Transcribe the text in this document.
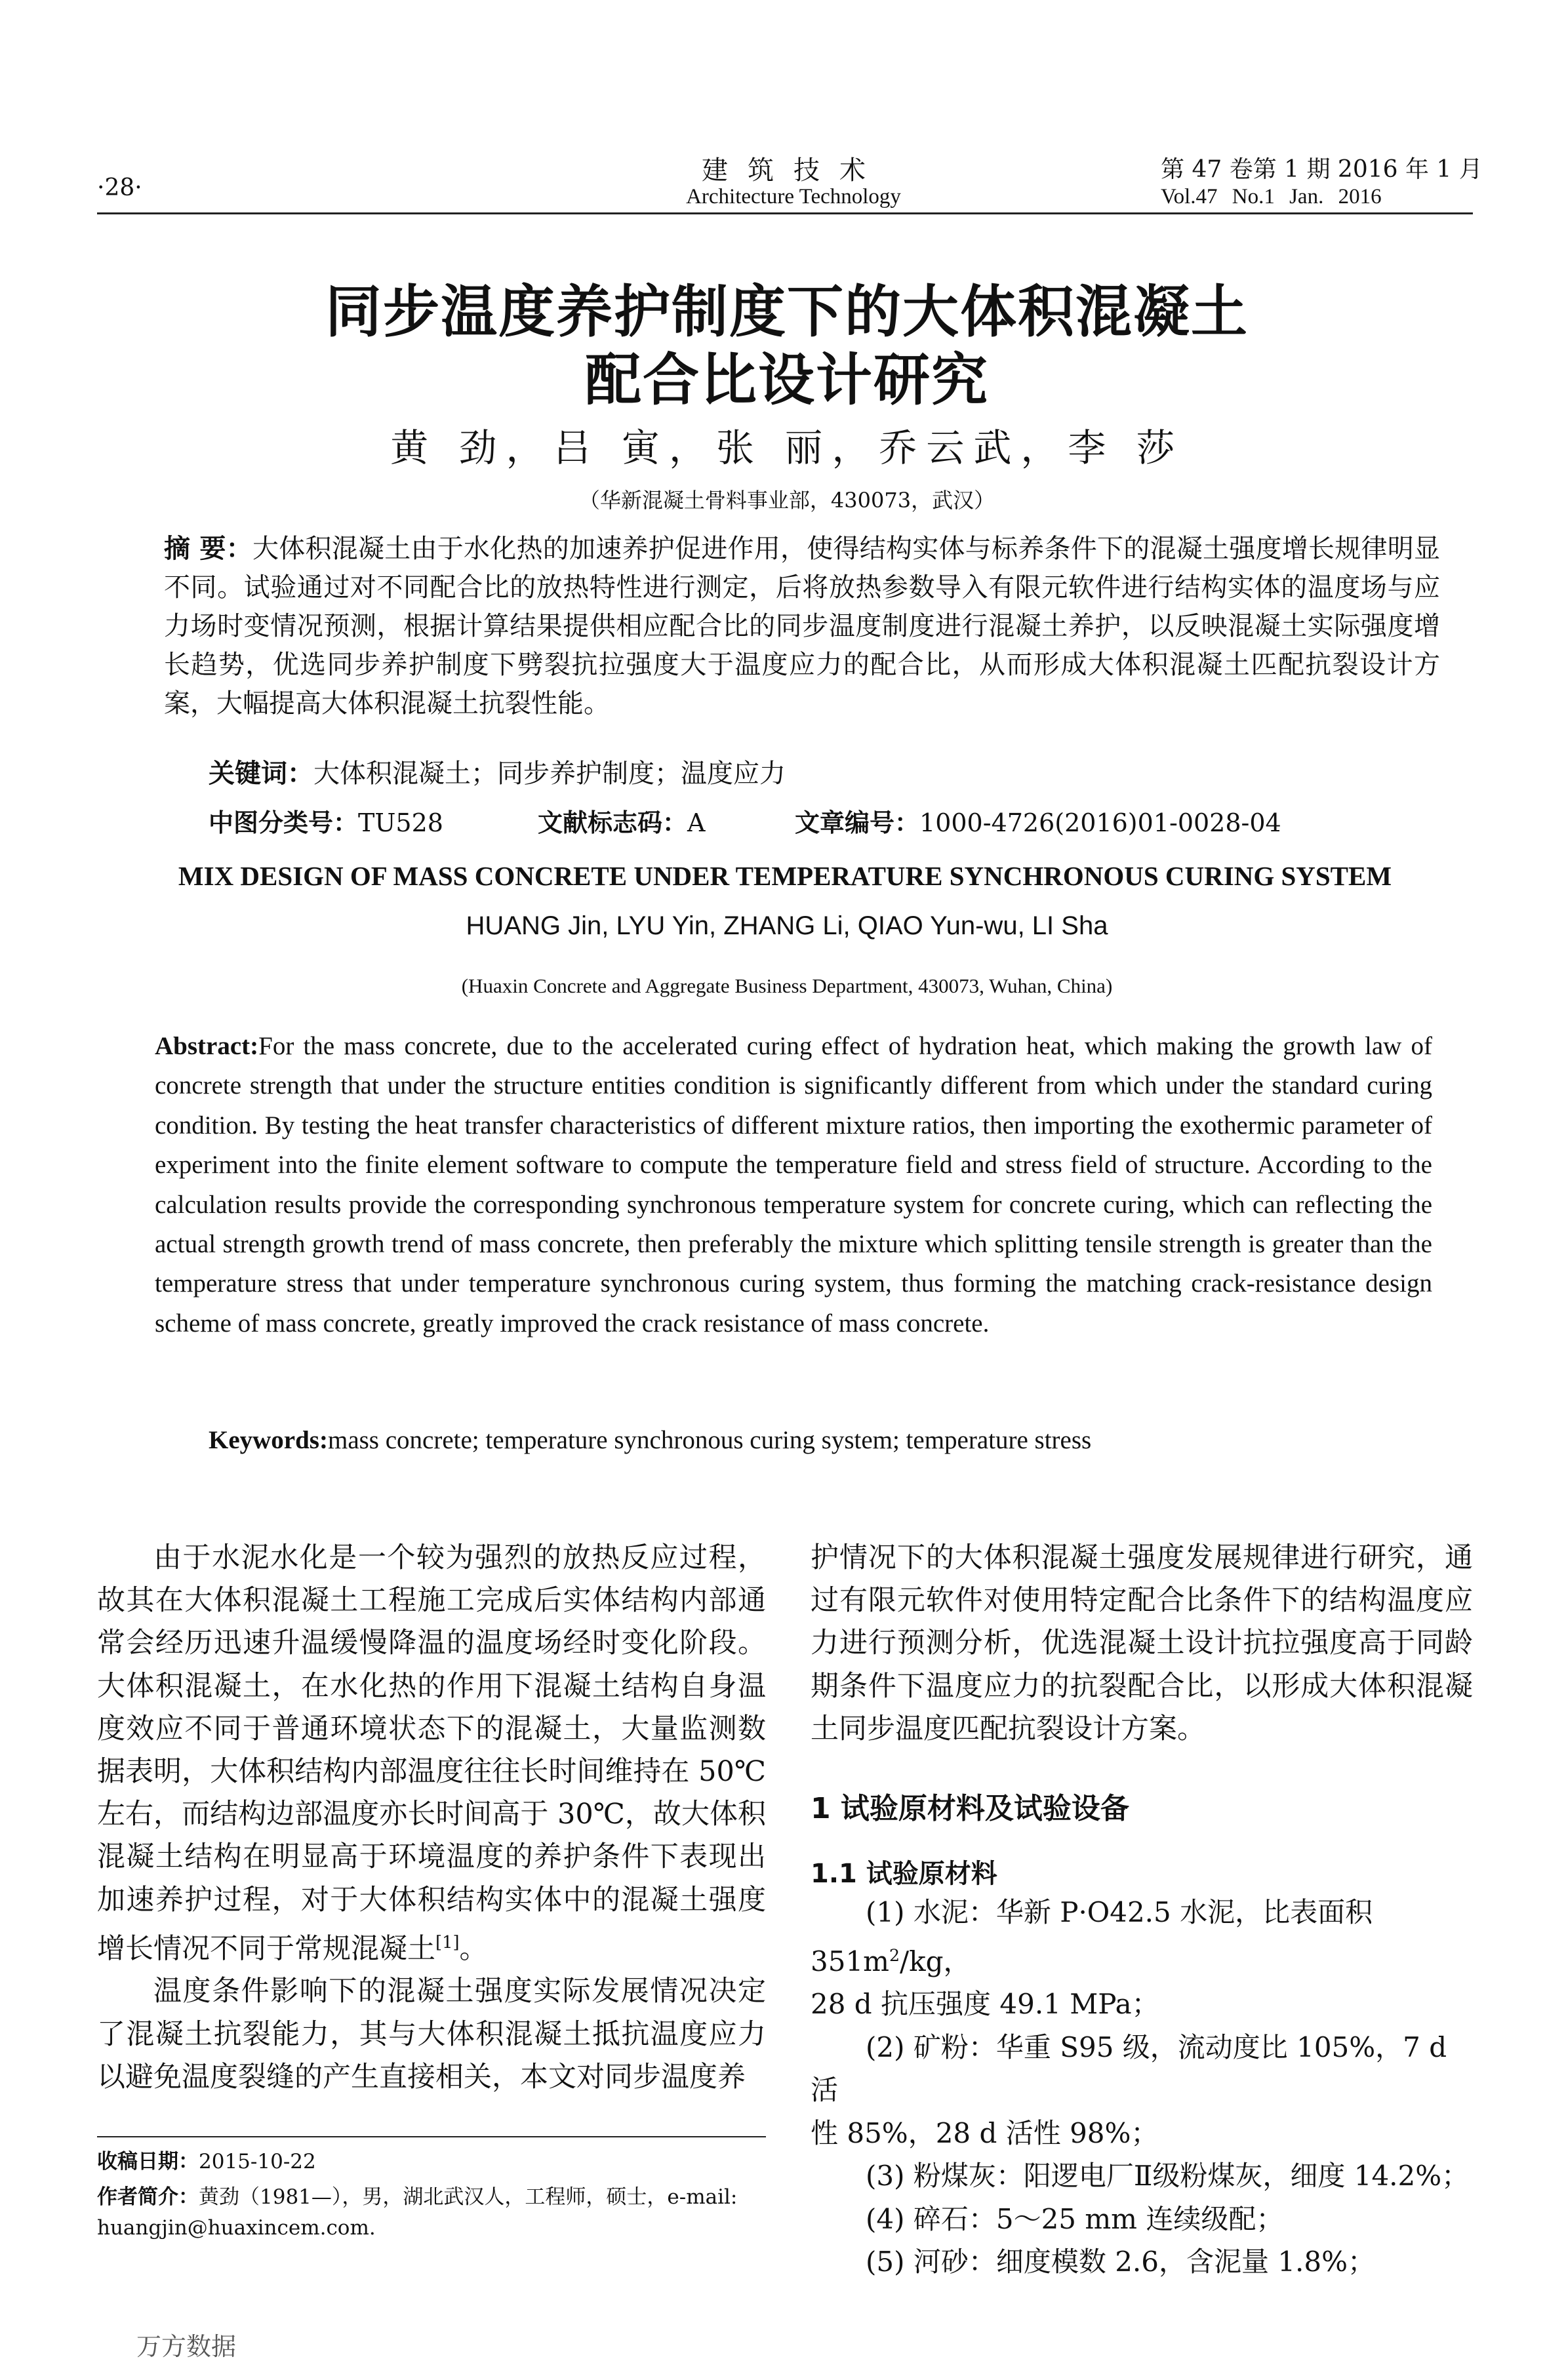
·28·
建筑技术
Architecture Technology
第 47 卷第 1 期 2016 年 1 月
Vol.47 No.1 Jan. 2016
同步温度养护制度下的大体积混凝土
配合比设计研究
黄 劲，吕 寅，张 丽，乔云武，李 莎
（华新混凝土骨料事业部，430073，武汉）
摘 要：大体积混凝土由于水化热的加速养护促进作用，使得结构实体与标养条件下的混凝土强度增长规律明显不同。试验通过对不同配合比的放热特性进行测定，后将放热参数导入有限元软件进行结构实体的温度场与应力场时变情况预测，根据计算结果提供相应配合比的同步温度制度进行混凝土养护，以反映混凝土实际强度增长趋势，优选同步养护制度下劈裂抗拉强度大于温度应力的配合比，从而形成大体积混凝土匹配抗裂设计方案，大幅提高大体积混凝土抗裂性能。
关键词：大体积混凝土；同步养护制度；温度应力
中图分类号：TU528	文献标志码：A	文章编号：1000-4726(2016)01-0028-04
MIX DESIGN OF MASS CONCRETE UNDER TEMPERATURE SYNCHRONOUS CURING SYSTEM
HUANG Jin, LYU Yin, ZHANG Li, QIAO Yun-wu, LI Sha
(Huaxin Concrete and Aggregate Business Department, 430073, Wuhan, China)
Abstract:For the mass concrete, due to the accelerated curing effect of hydration heat, which making the growth law of concrete strength that under the structure entities condition is significantly different from which under the standard curing condition. By testing the heat transfer characteristics of different mixture ratios, then importing the exothermic parameter of experiment into the finite element software to compute the temperature field and stress field of structure. According to the calculation results provide the corresponding synchronous temperature system for concrete curing, which can reflecting the actual strength growth trend of mass concrete, then preferably the mixture which splitting tensile strength is greater than the temperature stress that under temperature synchronous curing system, thus forming the matching crack-resistance design scheme of mass concrete, greatly improved the crack resistance of mass concrete.
Keywords:mass concrete; temperature synchronous curing system; temperature stress

由于水泥水化是一个较为强烈的放热反应过程，故其在大体积混凝土工程施工完成后实体结构内部通常会经历迅速升温缓慢降温的温度场经时变化阶段。大体积混凝土，在水化热的作用下混凝土结构自身温度效应不同于普通环境状态下的混凝土，大量监测数据表明，大体积结构内部温度往往长时间维持在 50℃左右，而结构边部温度亦长时间高于 30℃，故大体积混凝土结构在明显高于环境温度的养护条件下表现出加速养护过程，对于大体积结构实体中的混凝土强度增长情况不同于常规混凝土[1]。

温度条件影响下的混凝土强度实际发展情况决定了混凝土抗裂能力，其与大体积混凝土抵抗温度应力以避免温度裂缝的产生直接相关，本文对同步温度养

护情况下的大体积混凝土强度发展规律进行研究，通过有限元软件对使用特定配合比条件下的结构温度应力进行预测分析，优选混凝土设计抗拉强度高于同龄期条件下温度应力的抗裂配合比，以形成大体积混凝土同步温度匹配抗裂设计方案。

1 试验原材料及试验设备
1.1 试验原材料

(1) 水泥：华新 P·O42.5 水泥，比表面积 $351m^2/kg$，

28 d 抗压强度 49.1 MPa；

(2) 矿粉：华重 S95 级，流动度比 105%，7 d 活

性 85%，28 d 活性 98%；

(3) 粉煤灰：阳逻电厂Ⅱ级粉煤灰，细度 14.2%；

(4) 碎石：5～25 mm 连续级配；

(5) 河砂：细度模数 2.6，含泥量 1.8%；

收稿日期：2015-10-22
作者简介：黄劲（1981—），男，湖北武汉人，工程师，硕士，e-mail: huangjin@huaxincem.com.
万方数据
